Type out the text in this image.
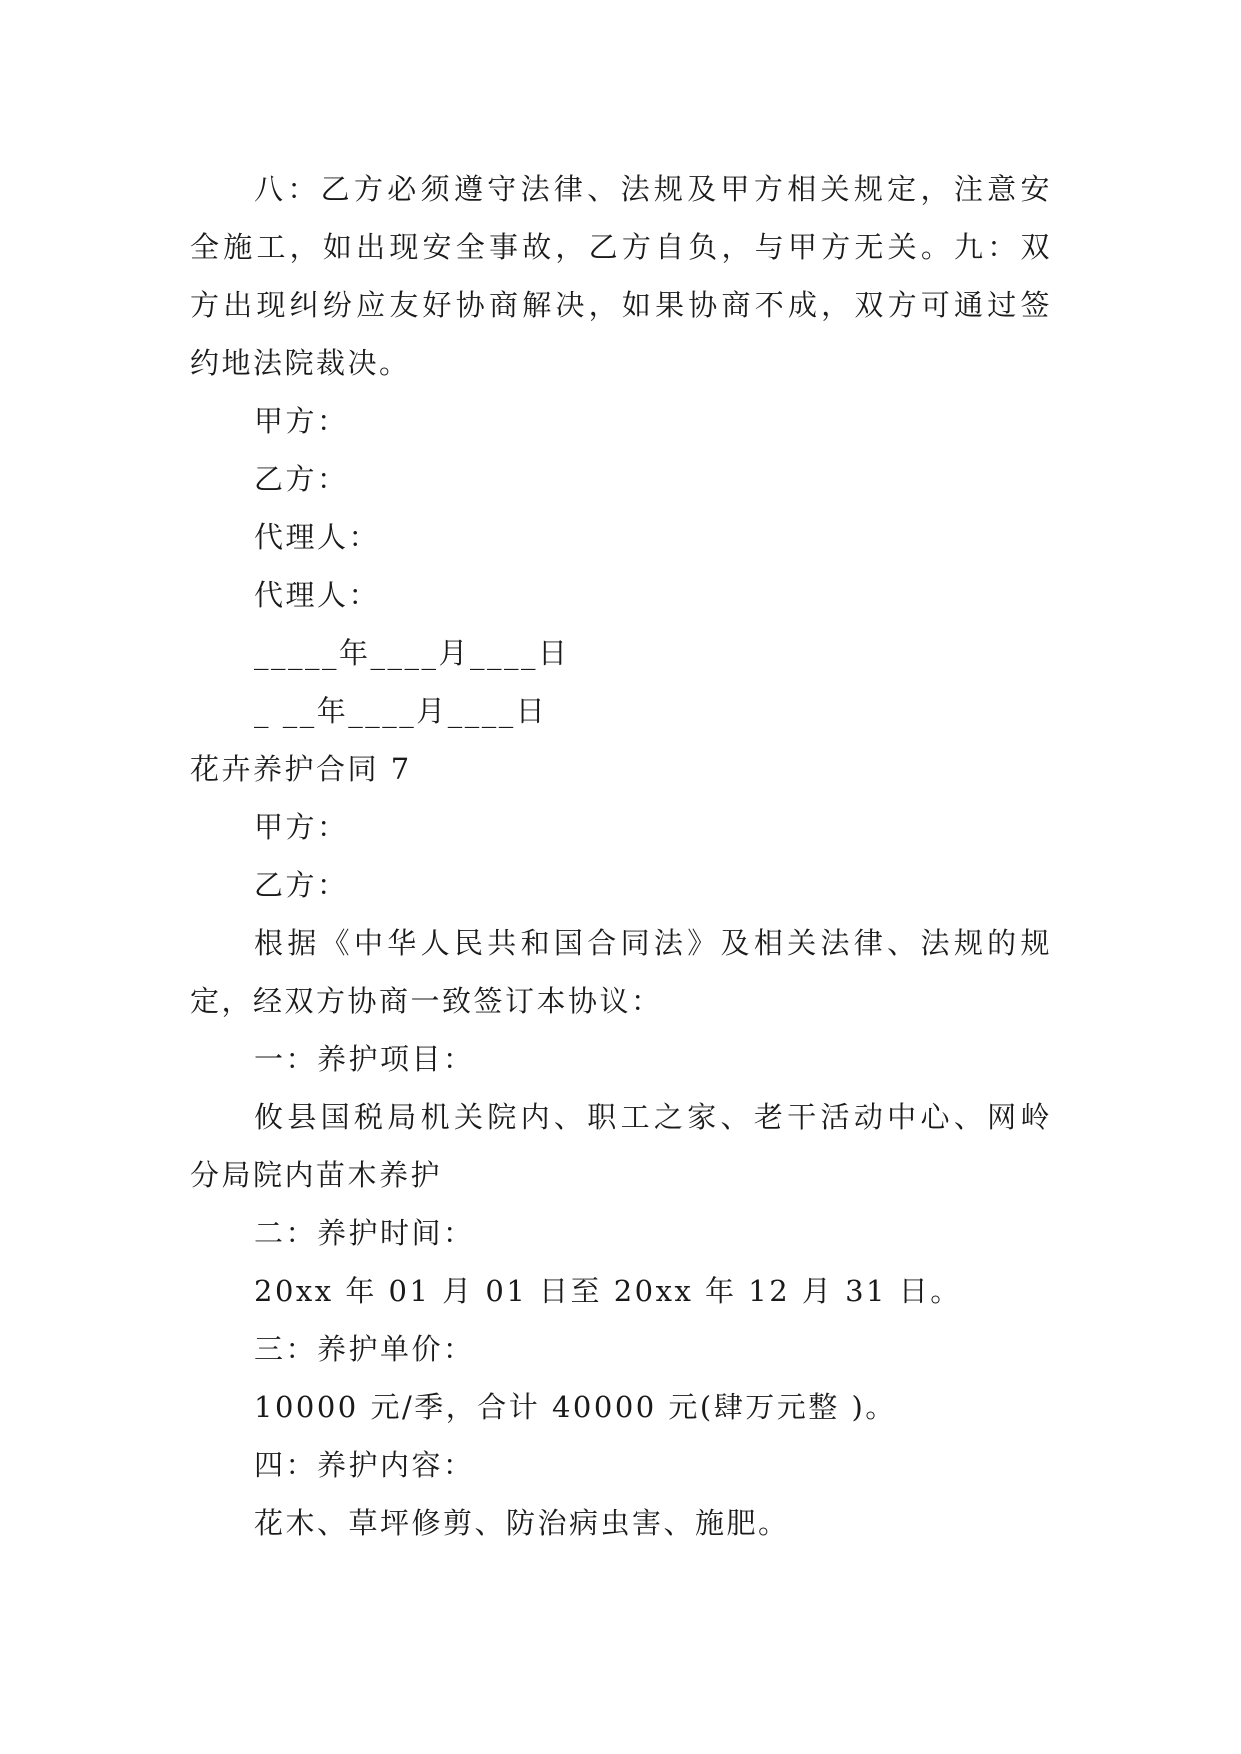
八：乙方必须遵守法律、法规及甲方相关规定，注意安
全施工，如出现安全事故，乙方自负，与甲方无关。九：双
方出现纠纷应友好协商解决，如果协商不成，双方可通过签
约地法院裁决。
甲方：
乙方：
代理人：
代理人：
_____年____月____日
_ __年____月____日
花卉养护合同 7
甲方：
乙方：
根据《中华人民共和国合同法》及相关法律、法规的规
定，经双方协商一致签订本协议：
一：养护项目：
攸县国税局机关院内、职工之家、老干活动中心、网岭
分局院内苗木养护
二：养护时间：
20xx 年 01 月 01 日至 20xx 年 12 月 31 日。
三：养护单价：
10000 元/季，合计 40000 元(肆万元整 )。
四：养护内容：
花木、草坪修剪、防治病虫害、施肥。
